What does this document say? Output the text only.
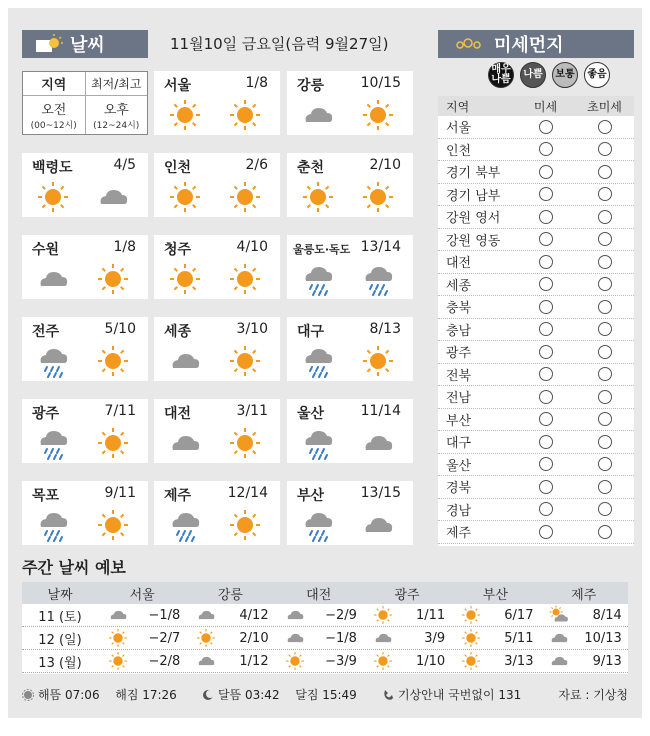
날씨	11월10일 금요일(음력 9월27일)	미세먼지
지역	최저/최고
오전
(00~12시)
오후
(12~24시)
서울	1/8 강릉	10/15
백령도	4/5 인천	2/6 춘천	2/10
수원	1/8 청주	4/10 울릉도·독도 13/14
전주	5/10 세종	3/10 대구	8/13
광주	7/11 대전	3/11 울산	11/14
목포	9/11 제주	12/14 부산	13/15
매우
나쁨	나쁨	보통	좋음
지역	미세	초미세
서울
인천
경기 북부
경기 남부
강원 영서
강원 영동
대전
세종
충북
충남
광주
전북
전남
부산
대구
울산
경북
경남
제주
주간 날씨 예보
날짜	서울	강릉	대전	광주	부산	제주
11 (토)	−1/8	4/12	−2/9	1/11	6/17	8/14
12 (일)	−2/7	2/10	−1/8	3/9	5/11	10/13
13 (월)	−2/8	1/12	−3/9	1/10	3/13	9/13
해뜸 07:06
해짐 17:26	달뜸 03:42
달짐 15:49	기상안내 국번없이 131	자료 : 기상청
